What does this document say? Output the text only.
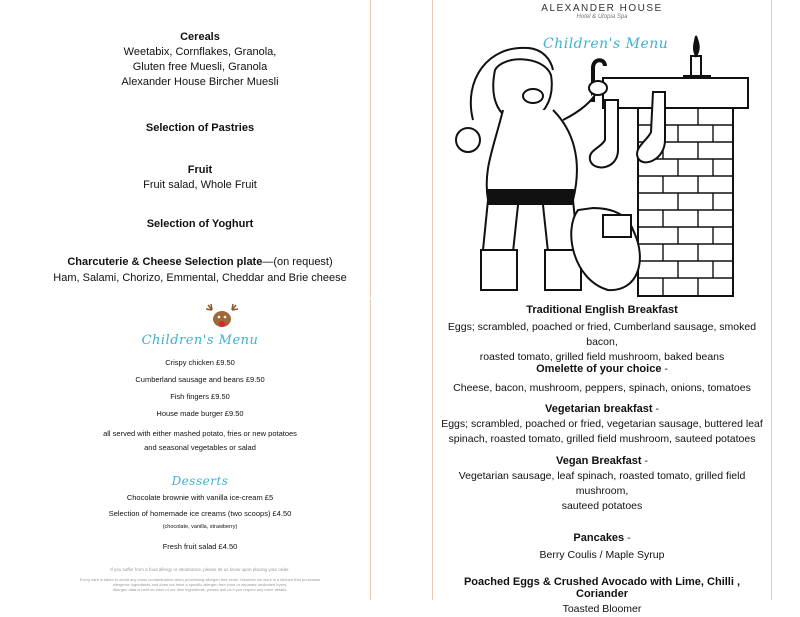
Cereals

Weetabix, Cornflakes, Granola,

Gluten free Muesli, Granola

Alexander House Bircher Muesli

Selection of Pastries

Fruit

Fruit salad, Whole Fruit

Selection of Yoghurt

Charcuterie & Cheese Selection plate—(on request)

Ham, Salami, Chorizo, Emmental, Cheddar and Brie cheese

Children's Menu

Crispy chicken £9.50

Cumberland sausage and beans £9.50

Fish fingers £9.50

House made burger £9.50

all served with either mashed potato, fries or new potatoes

and seasonal vegetables or salad

Desserts

Chocolate brownie with vanilla ice-cream £5

Selection of homemade ice creams (two scoops) £4.50

(chocolate, vanilla, strawberry)

Fresh fruit salad £4.50

If you suffer from a food allergy or intolerance, please let us know upon placing your order.

Every care is taken to avoid any cross contamination when processing allergen free order. However we work in a kitchen that processes

allergenic ingredients and does not have a specific allergen free zone or separate dedicated fryers.

Allergen data is held on each of our dish ingredients, please ask us if you require any more details.

ALEXANDER HOUSE
Hotel & Utopia Spa
Children's Menu
Traditional English Breakfast
Eggs; scrambled, poached or fried, Cumberland sausage, smoked bacon,
roasted tomato, grilled field mushroom, baked beans
Omelette of your choice -
Cheese, bacon, mushroom, peppers, spinach, onions, tomatoes
Vegetarian breakfast -
Eggs; scrambled, poached or fried, vegetarian sausage, buttered leaf
spinach, roasted tomato, grilled field mushroom, sauteed potatoes
Vegan Breakfast -
Vegetarian sausage, leaf spinach, roasted tomato, grilled field mushroom,
sauteed potatoes
Pancakes -
Berry Coulis / Maple Syrup
Poached Eggs & Crushed Avocado with Lime, Chilli , Coriander
Toasted Bloomer
